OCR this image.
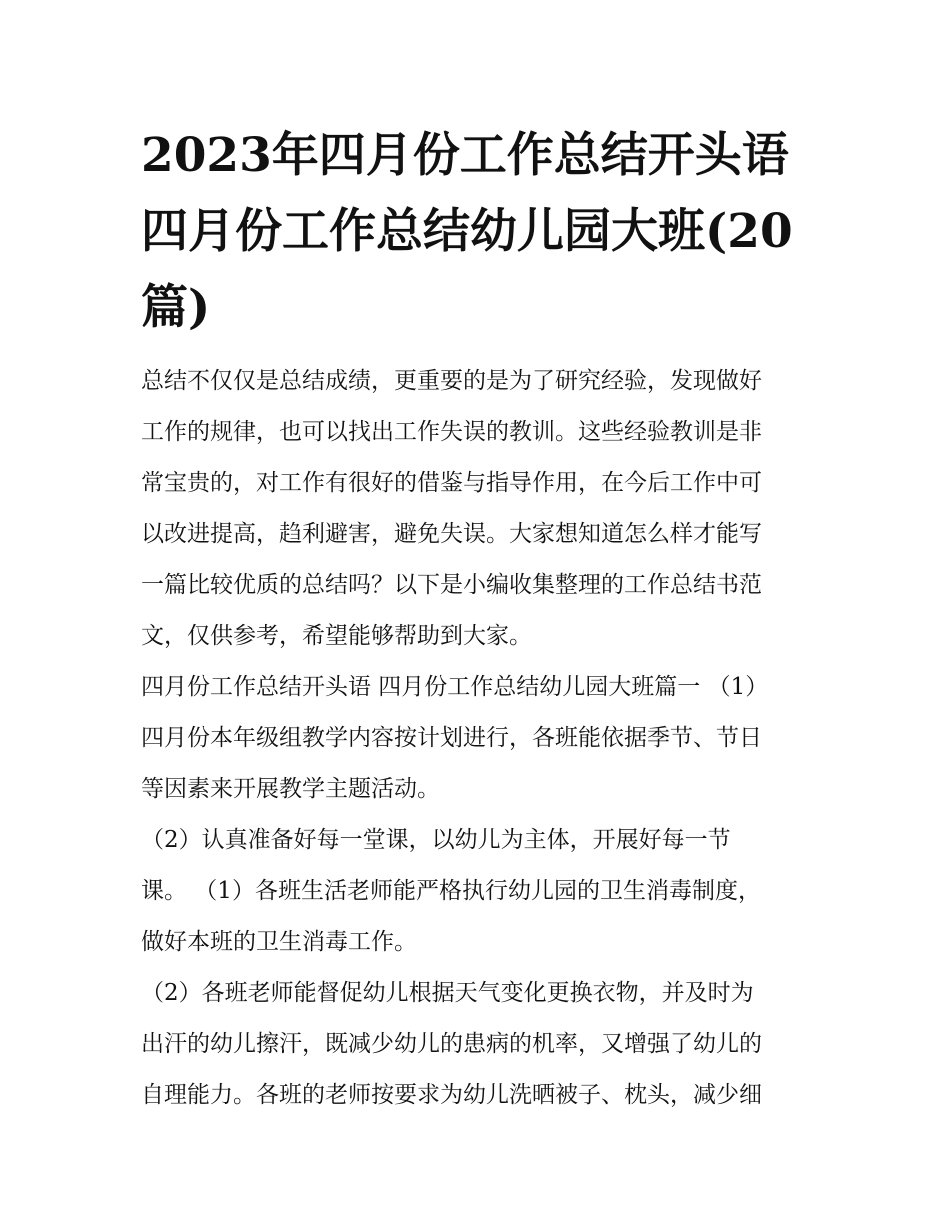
2023年四月份工作总结开头语
四月份工作总结幼儿园大班(20
篇)
总结不仅仅是总结成绩，更重要的是为了研究经验，发现做好
工作的规律，也可以找出工作失误的教训。这些经验教训是非
常宝贵的，对工作有很好的借鉴与指导作用，在今后工作中可
以改进提高，趋利避害，避免失误。大家想知道怎么样才能写
一篇比较优质的总结吗？以下是小编收集整理的工作总结书范
文，仅供参考，希望能够帮助到大家。
四月份工作总结开头语 四月份工作总结幼儿园大班篇一 （1）
四月份本年级组教学内容按计划进行，各班能依据季节、节日
等因素来开展教学主题活动。
（2）认真准备好每一堂课，以幼儿为主体，开展好每一节
课。 （1）各班生活老师能严格执行幼儿园的卫生消毒制度，
做好本班的卫生消毒工作。
（2）各班老师能督促幼儿根据天气变化更换衣物，并及时为
出汗的幼儿擦汗，既减少幼儿的患病的机率，又增强了幼儿的
自理能力。各班的老师按要求为幼儿洗晒被子、枕头，减少细
